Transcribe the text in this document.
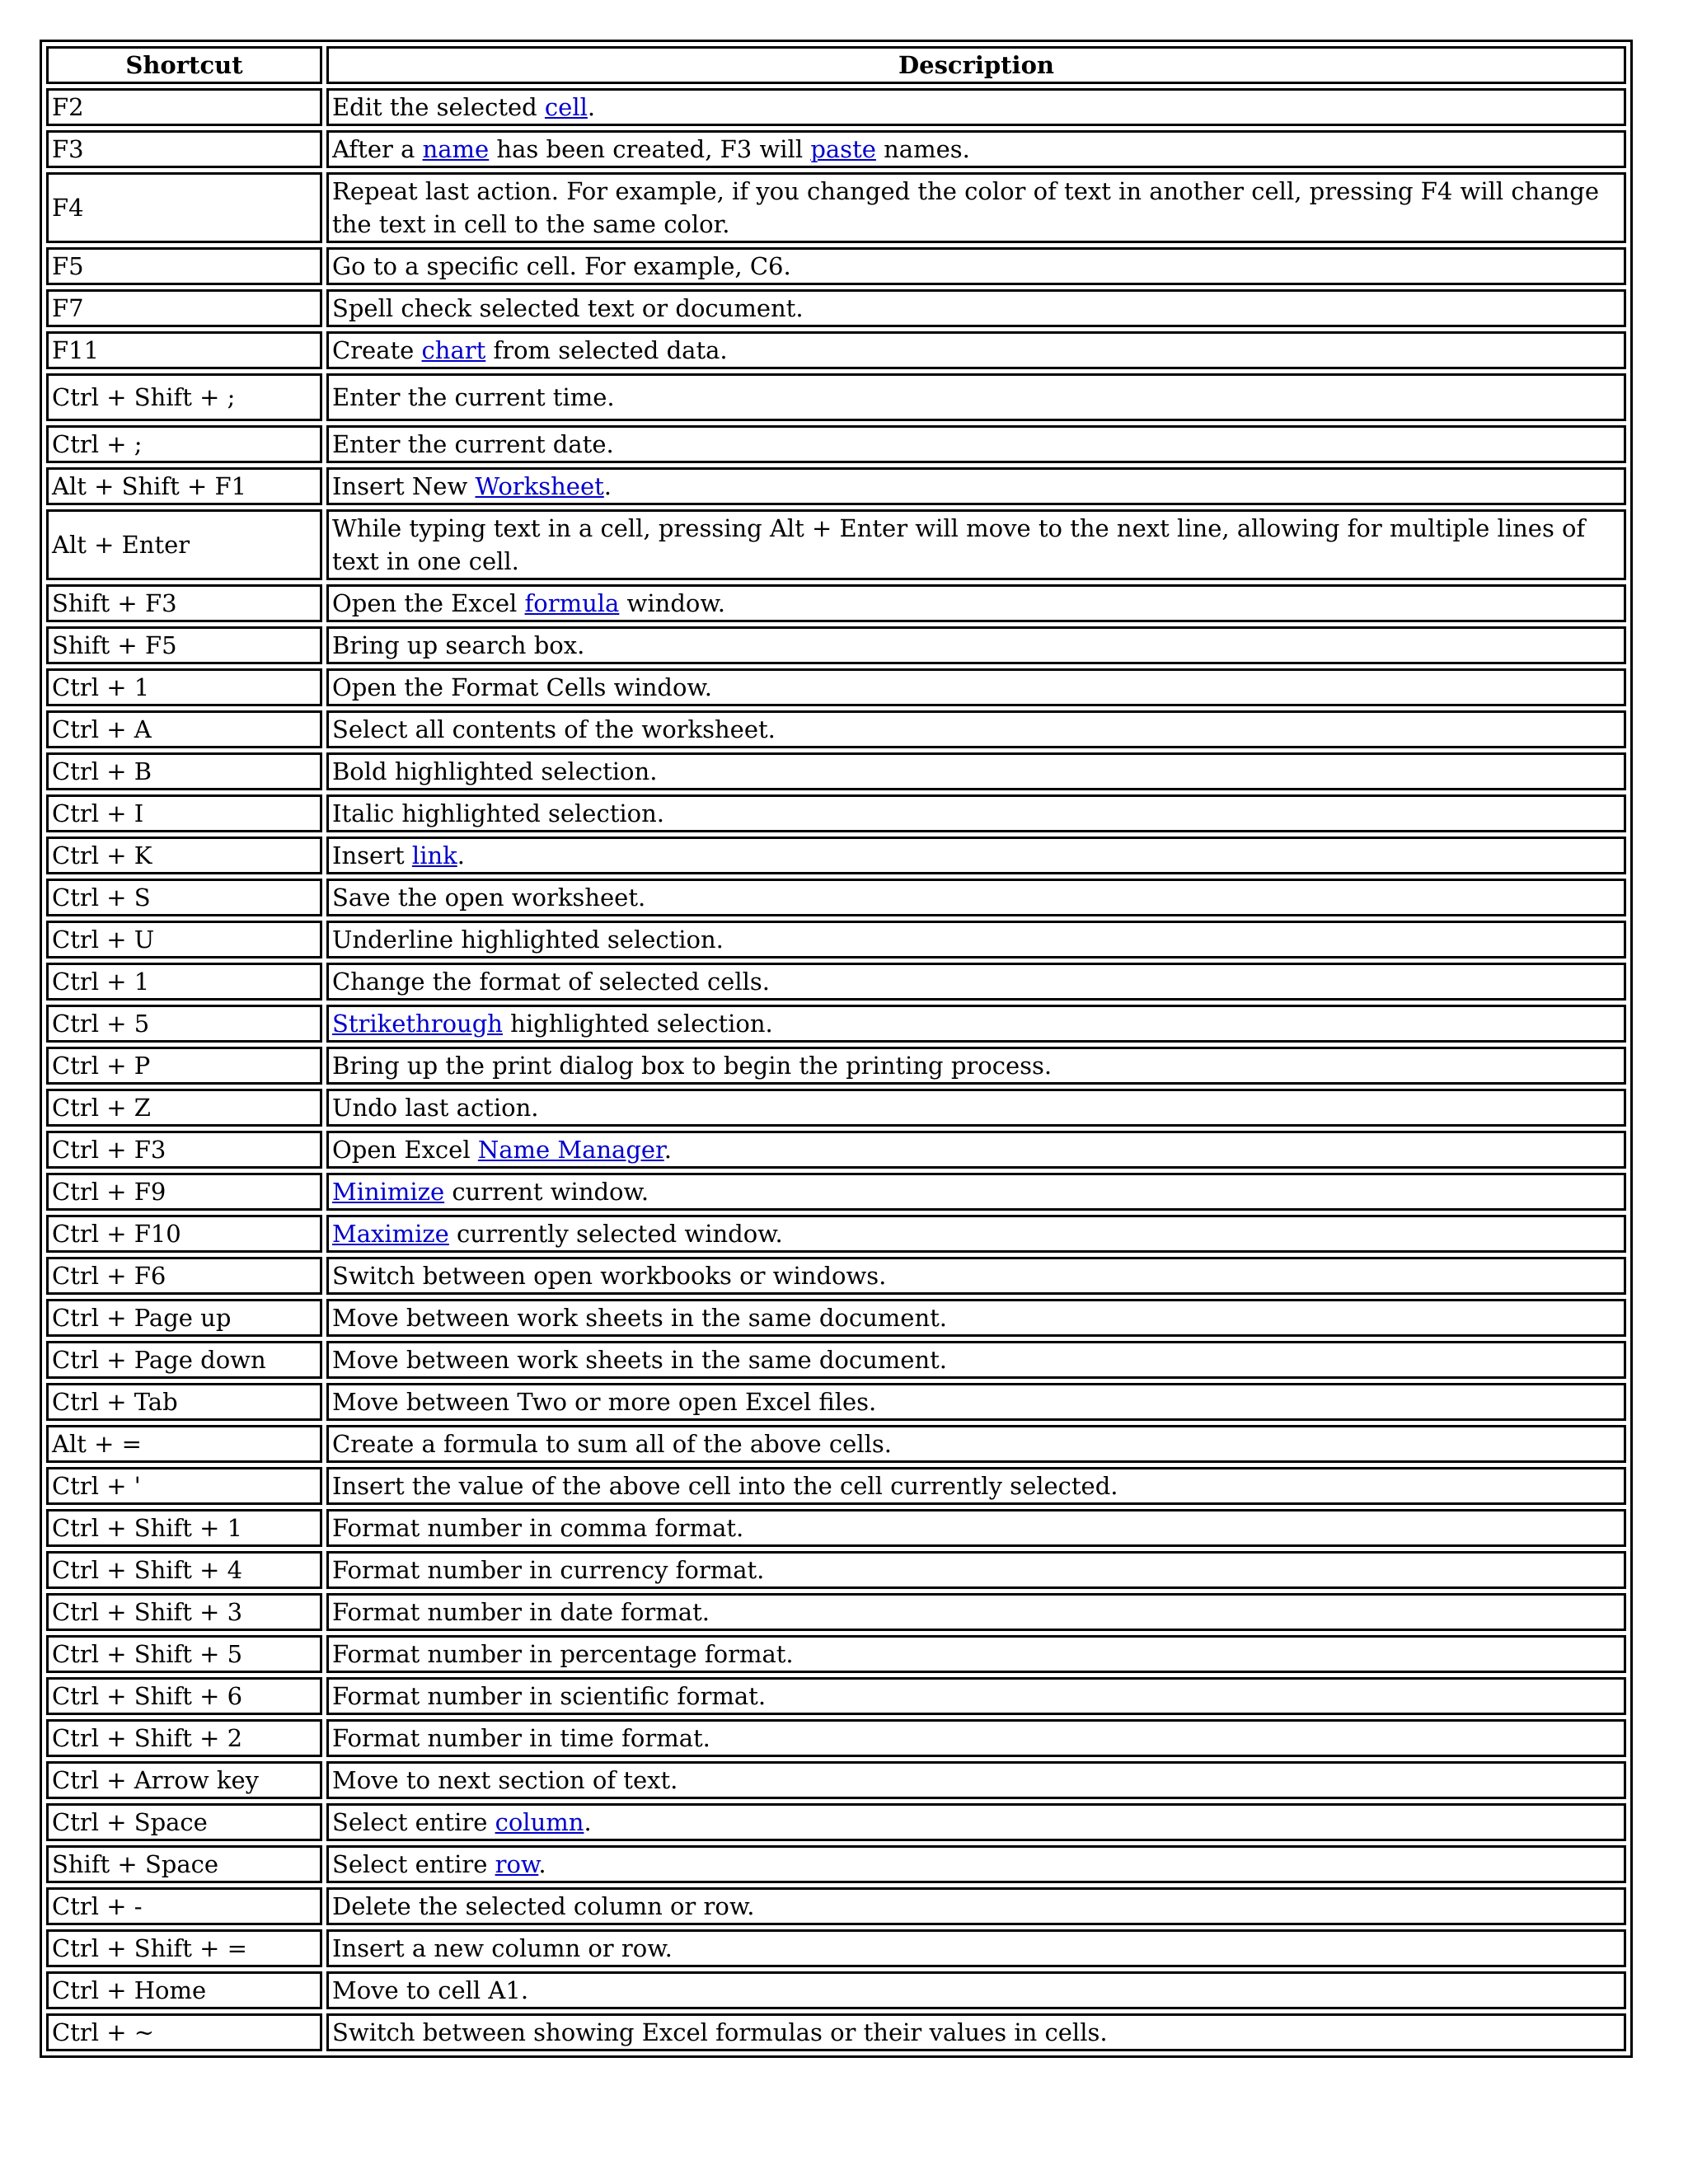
Shortcut	Description
F2	Edit the selected cell.
F3	After a name has been created, F3 will paste names.
F4	Repeat last action. For example, if you changed the color of text in another cell, pressing F4 will change the text in cell to the same color.
F5	Go to a specific cell. For example, C6.
F7	Spell check selected text or document.
F11	Create chart from selected data.
Ctrl + Shift + ;	Enter the current time.
Ctrl + ;	Enter the current date.
Alt + Shift + F1	Insert New Worksheet.
Alt + Enter	While typing text in a cell, pressing Alt + Enter will move to the next line, allowing for multiple lines of text in one cell.
Shift + F3	Open the Excel formula window.
Shift + F5	Bring up search box.
Ctrl + 1	Open the Format Cells window.
Ctrl + A	Select all contents of the worksheet.
Ctrl + B	Bold highlighted selection.
Ctrl + I	Italic highlighted selection.
Ctrl + K	Insert link.
Ctrl + S	Save the open worksheet.
Ctrl + U	Underline highlighted selection.
Ctrl + 1	Change the format of selected cells.
Ctrl + 5	Strikethrough highlighted selection.
Ctrl + P	Bring up the print dialog box to begin the printing process.
Ctrl + Z	Undo last action.
Ctrl + F3	Open Excel Name Manager.
Ctrl + F9	Minimize current window.
Ctrl + F10	Maximize currently selected window.
Ctrl + F6	Switch between open workbooks or windows.
Ctrl + Page up	Move between work sheets in the same document.
Ctrl + Page down	Move between work sheets in the same document.
Ctrl + Tab	Move between Two or more open Excel files.
Alt + =	Create a formula to sum all of the above cells.
Ctrl + '	Insert the value of the above cell into the cell currently selected.
Ctrl + Shift + 1	Format number in comma format.
Ctrl + Shift + 4	Format number in currency format.
Ctrl + Shift + 3	Format number in date format.
Ctrl + Shift + 5	Format number in percentage format.
Ctrl + Shift + 6	Format number in scientific format.
Ctrl + Shift + 2	Format number in time format.
Ctrl + Arrow key	Move to next section of text.
Ctrl + Space	Select entire column.
Shift + Space	Select entire row.
Ctrl + -	Delete the selected column or row.
Ctrl + Shift + =	Insert a new column or row.
Ctrl + Home	Move to cell A1.
Ctrl + ~	Switch between showing Excel formulas or their values in cells.
